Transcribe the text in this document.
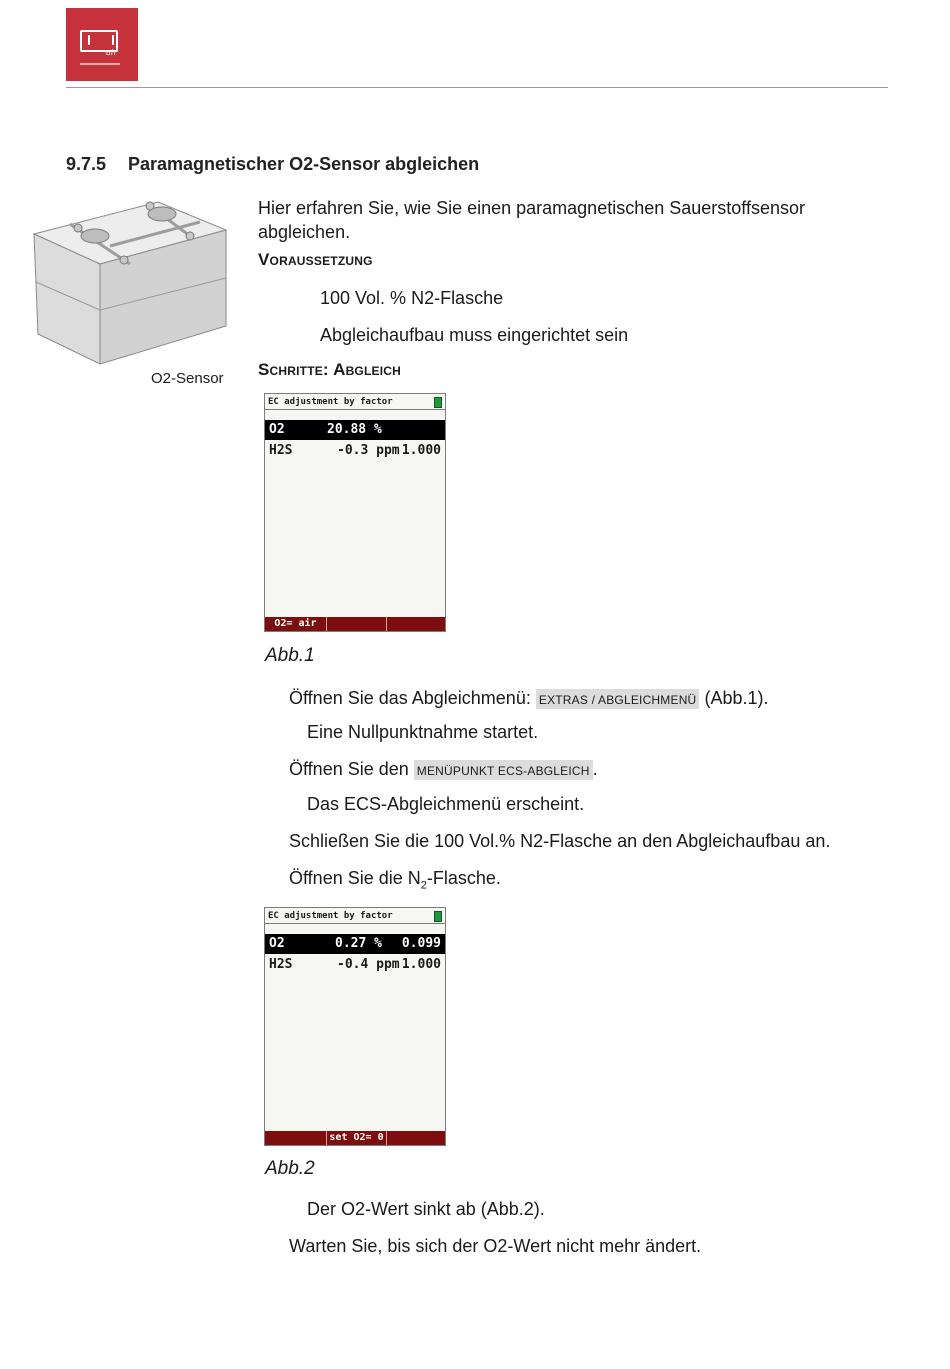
air
9.7.5 Paramagnetischer O2-Sensor abgleichen
O2-Sensor
Hier erfahren Sie, wie Sie einen paramagnetischen Sauerstoffsensor abgleichen.
Voraussetzung
100 Vol. % N2-Flasche
Abgleichaufbau muss eingerichtet sein
Schritte: Abgleich
EC adjustment by factor
O2	20.88 %
H2S	-0.3 ppm 1.000
O2= air
Abb.1
Öffnen Sie das Abgleichmenü: EXTRAS / ABGLEICHMENÜ (Abb.1).
Eine Nullpunktnahme startet.
Öffnen Sie den MENÜPUNKT ECS-ABGLEICH .
Das ECS-Abgleichmenü erscheint.
Schließen Sie die 100 Vol.% N2-Flasche an den Abgleichaufbau an.
Öffnen Sie die $N_2$-Flasche.
EC adjustment by factor
O2	0.27 % 0.099
H2S	-0.4 ppm 1.000
set O2= 0
Abb.2
Der O2-Wert sinkt ab (Abb.2).
Warten Sie, bis sich der O2-Wert nicht mehr ändert.
